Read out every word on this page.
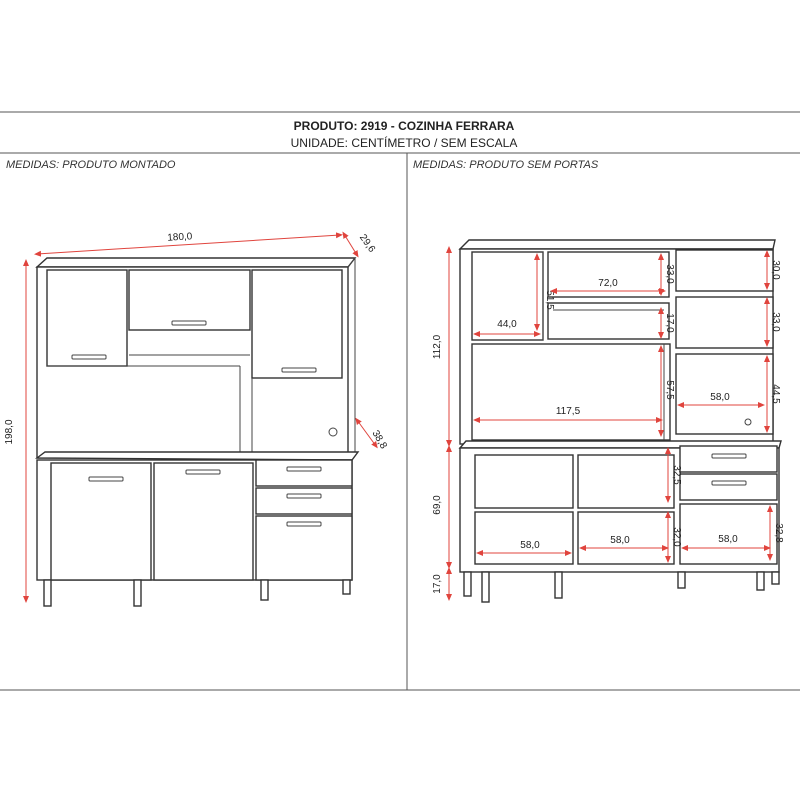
PRODUTO: 2919 - COZINHA FERRARA
UNIDADE: CENTÍMETRO / SEM ESCALA
MEDIDAS: PRODUTO MONTADO	MEDIDAS: PRODUTO SEM PORTAS
180,0	29,6
198,0	38,8
112,0
69,0
17,0
44,0
51,5
72,0	33,0
17,0
30,0
33,0
44,5
58,0
117,5
57,5
32,5
58,0	58,0	32,0	58,0	32,8
